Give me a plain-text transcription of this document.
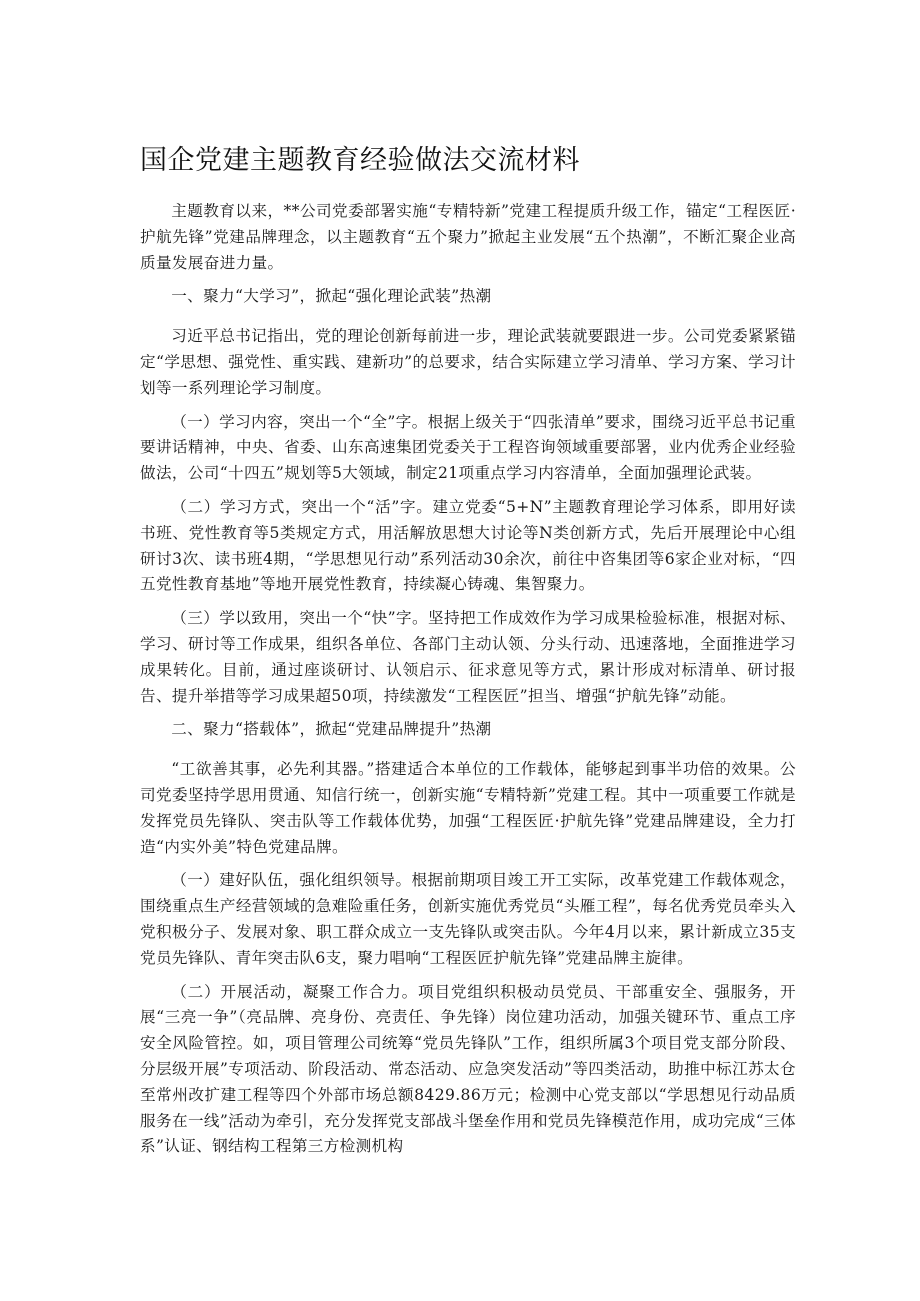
国企党建主题教育经验做法交流材料

主题教育以来，**公司党委部署实施“专精特新”党建工程提质升级工作，锚定“工程医匠·护航先锋”党建品牌理念，以主题教育“五个聚力”掀起主业发展“五个热潮”，不断汇聚企业高质量发展奋进力量。

一、聚力“大学习”，掀起“强化理论武装”热潮

习近平总书记指出，党的理论创新每前进一步，理论武装就要跟进一步。公司党委紧紧锚定“学思想、强党性、重实践、建新功”的总要求，结合实际建立学习清单、学习方案、学习计划等一系列理论学习制度。

（一）学习内容，突出一个“全”字。根据上级关于“四张清单”要求，围绕习近平总书记重要讲话精神，中央、省委、山东高速集团党委关于工程咨询领域重要部署，业内优秀企业经验做法，公司“十四五”规划等5大领域，制定21项重点学习内容清单，全面加强理论武装。

（二）学习方式，突出一个“活”字。建立党委“5+N”主题教育理论学习体系，即用好读书班、党性教育等5类规定方式，用活解放思想大讨论等N类创新方式，先后开展理论中心组研讨3次、读书班4期，“学思想见行动”系列活动30余次，前往中咨集团等6家企业对标，“四五党性教育基地”等地开展党性教育，持续凝心铸魂、集智聚力。

（三）学以致用，突出一个“快”字。坚持把工作成效作为学习成果检验标准，根据对标、学习、研讨等工作成果，组织各单位、各部门主动认领、分头行动、迅速落地，全面推进学习成果转化。目前，通过座谈研讨、认领启示、征求意见等方式，累计形成对标清单、研讨报告、提升举措等学习成果超50项，持续激发“工程医匠”担当、增强“护航先锋”动能。

二、聚力“搭载体”，掀起“党建品牌提升”热潮

“工欲善其事，必先利其器。”搭建适合本单位的工作载体，能够起到事半功倍的效果。公司党委坚持学思用贯通、知信行统一，创新实施“专精特新”党建工程。其中一项重要工作就是发挥党员先锋队、突击队等工作载体优势，加强“工程医匠·护航先锋”党建品牌建设，全力打造“内实外美”特色党建品牌。

（一）建好队伍，强化组织领导。根据前期项目竣工开工实际，改革党建工作载体观念，围绕重点生产经营领域的急难险重任务，创新实施优秀党员“头雁工程”，每名优秀党员牵头入党积极分子、发展对象、职工群众成立一支先锋队或突击队。今年4月以来，累计新成立35支党员先锋队、青年突击队6支，聚力唱响“工程医匠护航先锋”党建品牌主旋律。

（二）开展活动，凝聚工作合力。项目党组织积极动员党员、干部重安全、强服务，开展“三亮一争”（亮品牌、亮身份、亮责任、争先锋）岗位建功活动，加强关键环节、重点工序安全风险管控。如，项目管理公司统筹“党员先锋队”工作，组织所属3个项目党支部分阶段、分层级开展”专项活动、阶段活动、常态活动、应急突发活动”等四类活动，助推中标江苏太仓至常州改扩建工程等四个外部市场总额8429.86万元；检测中心党支部以“学思想见行动品质服务在一线”活动为牵引，充分发挥党支部战斗堡垒作用和党员先锋模范作用，成功完成“三体系”认证、钢结构工程第三方检测机构
